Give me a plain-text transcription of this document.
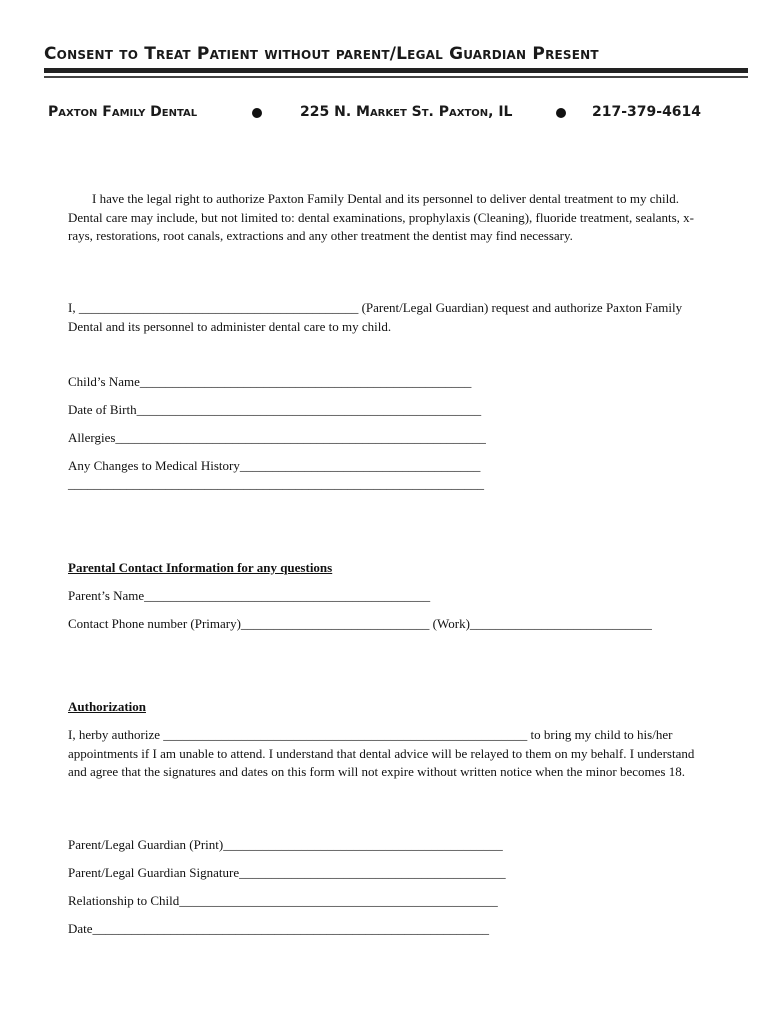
Consent to Treat Patient without parent/Legal Guardian Present
Paxton Family Dental	225 N. Market St. Paxton, IL	217-379-4614
I have the legal right to authorize Paxton Family Dental and its personnel to deliver dental treatment to my child. Dental care may include, but not limited to: dental examinations, prophylaxis (Cleaning), fluoride treatment, sealants, x-rays, restorations, root canals, extractions and any other treatment the dentist may find necessary.
I, ___________________________________________ (Parent/Legal Guardian) request and authorize Paxton Family Dental and its personnel to administer dental care to my child.
Child’s Name___________________________________________________
Date of Birth_____________________________________________________
Allergies_________________________________________________________
Any Changes to Medical History_____________________________________
________________________________________________________________
Parental Contact Information for any questions
Parent’s Name____________________________________________
Contact Phone number (Primary)_____________________________ (Work)____________________________
Authorization
I, herby authorize ________________________________________________________ to bring my child to his/her appointments if I am unable to attend. I understand that dental advice will be relayed to them on my behalf. I understand and agree that the signatures and dates on this form will not expire without written notice when the minor becomes 18.
Parent/Legal Guardian (Print)___________________________________________
Parent/Legal Guardian Signature_________________________________________
Relationship to Child_________________________________________________
Date_____________________________________________________________
